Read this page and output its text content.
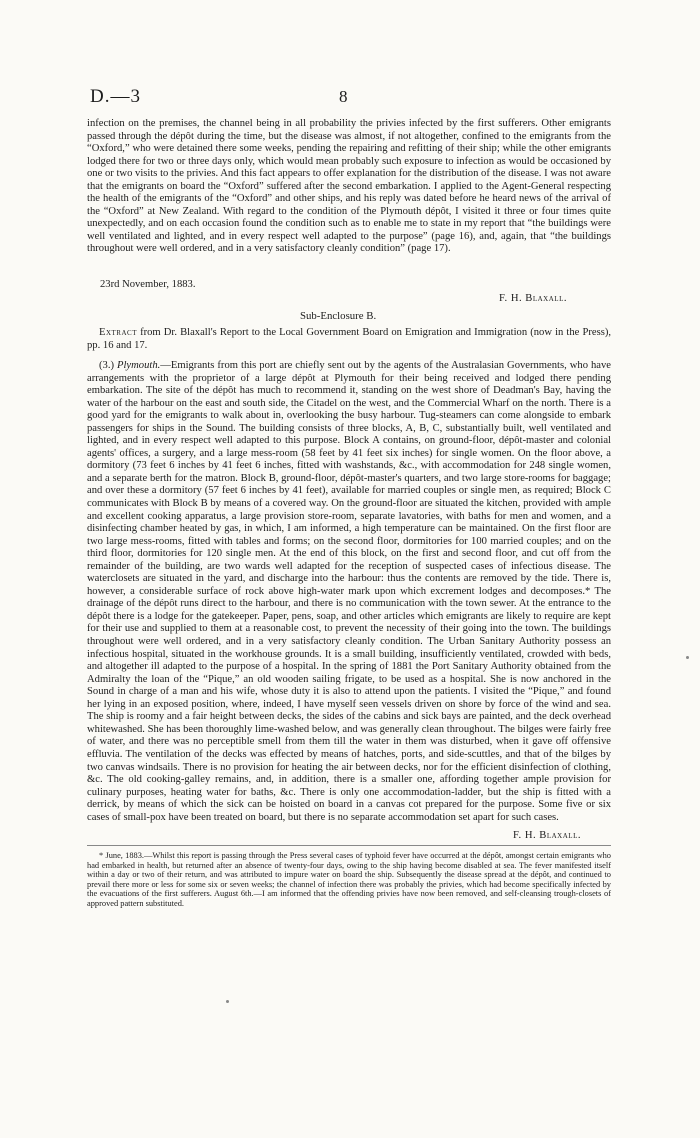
D.—3	8

infection on the premises, the channel being in all probability the privies infected by the first sufferers. Other emigrants passed through the dépôt during the time, but the disease was almost, if not altogether, confined to the emigrants from the “Oxford,” who were detained there some weeks, pending the repairing and refitting of their ship; while the other emigrants lodged there for two or three days only, which would mean probably such exposure to infection as would be occasioned by one or two visits to the privies. And this fact appears to offer explanation for the distribution of the disease. I was not aware that the emigrants on board the “Oxford” suffered after the second embarkation. I applied to the Agent-General respecting the health of the emigrants of the “Oxford” and other ships, and his reply was dated before he heard news of the arrival of the “Oxford” at New Zealand. With regard to the condition of the Plymouth dépôt, I visited it three or four times quite unexpectedly, and on each occasion found the condition such as to enable me to state in my report that “the buildings were well ventilated and lighted, and in every respect well adapted to the purpose” (page 16), and, again, that “the buildings throughout were well ordered, and in a very satisfactory cleanly condition” (page 17).

23rd November, 1883.
F. H. Blaxall.
Sub-Enclosure B.

Extract from Dr. Blaxall's Report to the Local Government Board on Emigration and Immigration (now in the Press), pp. 16 and 17.

(3.) Plymouth.—Emigrants from this port are chiefly sent out by the agents of the Australasian Governments, who have arrangements with the proprietor of a large dépôt at Plymouth for their being received and lodged there pending embarkation. The site of the dépôt has much to recommend it, standing on the west shore of Deadman's Bay, having the water of the harbour on the east and south side, the Citadel on the west, and the Commercial Wharf on the north. There is a good yard for the emigrants to walk about in, overlooking the busy harbour. Tug-steamers can come alongside to embark passengers for ships in the Sound. The building consists of three blocks, A, B, C, substantially built, well ventilated and lighted, and in every respect well adapted to this purpose. Block A contains, on ground-floor, dépôt-master and colonial agents' offices, a surgery, and a large mess-room (58 feet by 41 feet six inches) for single women. On the floor above, a dormitory (73 feet 6 inches by 41 feet 6 inches, fitted with washstands, &c., with accommodation for 248 single women, and a separate berth for the matron. Block B, ground-floor, dépôt-master's quarters, and two large store-rooms for baggage; and over these a dormitory (57 feet 6 inches by 41 feet), available for married couples or single men, as required; Block C communicates with Block B by means of a covered way. On the ground-floor are situated the kitchen, provided with ample and excellent cooking apparatus, a large provision store-room, separate lavatories, with baths for men and women, and a disinfecting chamber heated by gas, in which, I am informed, a high temperature can be maintained. On the first floor are two large mess-rooms, fitted with tables and forms; on the second floor, dormitories for 100 married couples; and on the third floor, dormitories for 120 single men. At the end of this block, on the first and second floor, and cut off from the remainder of the building, are two wards well adapted for the reception of suspected cases of infectious disease. The waterclosets are situated in the yard, and discharge into the harbour: thus the contents are removed by the tide. There is, however, a considerable surface of rock above high-water mark upon which excrement lodges and decomposes.* The drainage of the dépôt runs direct to the harbour, and there is no communication with the town sewer. At the entrance to the dépôt there is a lodge for the gatekeeper. Paper, pens, soap, and other articles which emigrants are likely to require are kept for their use and supplied to them at a reasonable cost, to prevent the necessity of their going into the town. The buildings throughout were well ordered, and in a very satisfactory cleanly condition. The Urban Sanitary Authority possess an infectious hospital, situated in the workhouse grounds. It is a small building, insufficiently ventilated, crowded with beds, and altogether ill adapted to the purpose of a hospital. In the spring of 1881 the Port Sanitary Authority obtained from the Admiralty the loan of the “Pique,” an old wooden sailing frigate, to be used as a hospital. She is now anchored in the Sound in charge of a man and his wife, whose duty it is also to attend upon the patients. I visited the “Pique,” and found her lying in an exposed position, where, indeed, I have myself seen vessels driven on shore by force of the wind and sea. The ship is roomy and a fair height between decks, the sides of the cabins and sick bays are painted, and the deck overhead whitewashed. She has been thoroughly lime-washed below, and was generally clean throughout. The bilges were fairly free of water, and there was no perceptible smell from them till the water in them was disturbed, when it gave off offensive effluvia. The ventilation of the decks was effected by means of hatches, ports, and side-scuttles, and that of the bilges by two canvas windsails. There is no provision for heating the air between decks, nor for the efficient disinfection of clothing, &c. The old cooking-galley remains, and, in addition, there is a smaller one, affording together ample provision for culinary purposes, heating water for baths, &c. There is only one accommodation-ladder, but the ship is fitted with a derrick, by means of which the sick can be hoisted on board in a canvas cot prepared for the purpose. Some five or six cases of small-pox have been treated on board, but there is no separate accommodation set apart for such cases.

F. H. Blaxall.

* June, 1883.—Whilst this report is passing through the Press several cases of typhoid fever have occurred at the dépôt, amongst certain emigrants who had embarked in health, but returned after an absence of twenty-four days, owing to the ship having become disabled at sea. The fever manifested itself within a day or two of their return, and was attributed to impure water on board the ship. Subsequently the disease spread at the dépôt, and continued to prevail there more or less for some six or seven weeks; the channel of infection there was probably the privies, which had become specifically infected by the evacuations of the first sufferers. August 6th.—I am informed that the offending privies have now been removed, and self-cleansing trough-closets of approved pattern substituted.
